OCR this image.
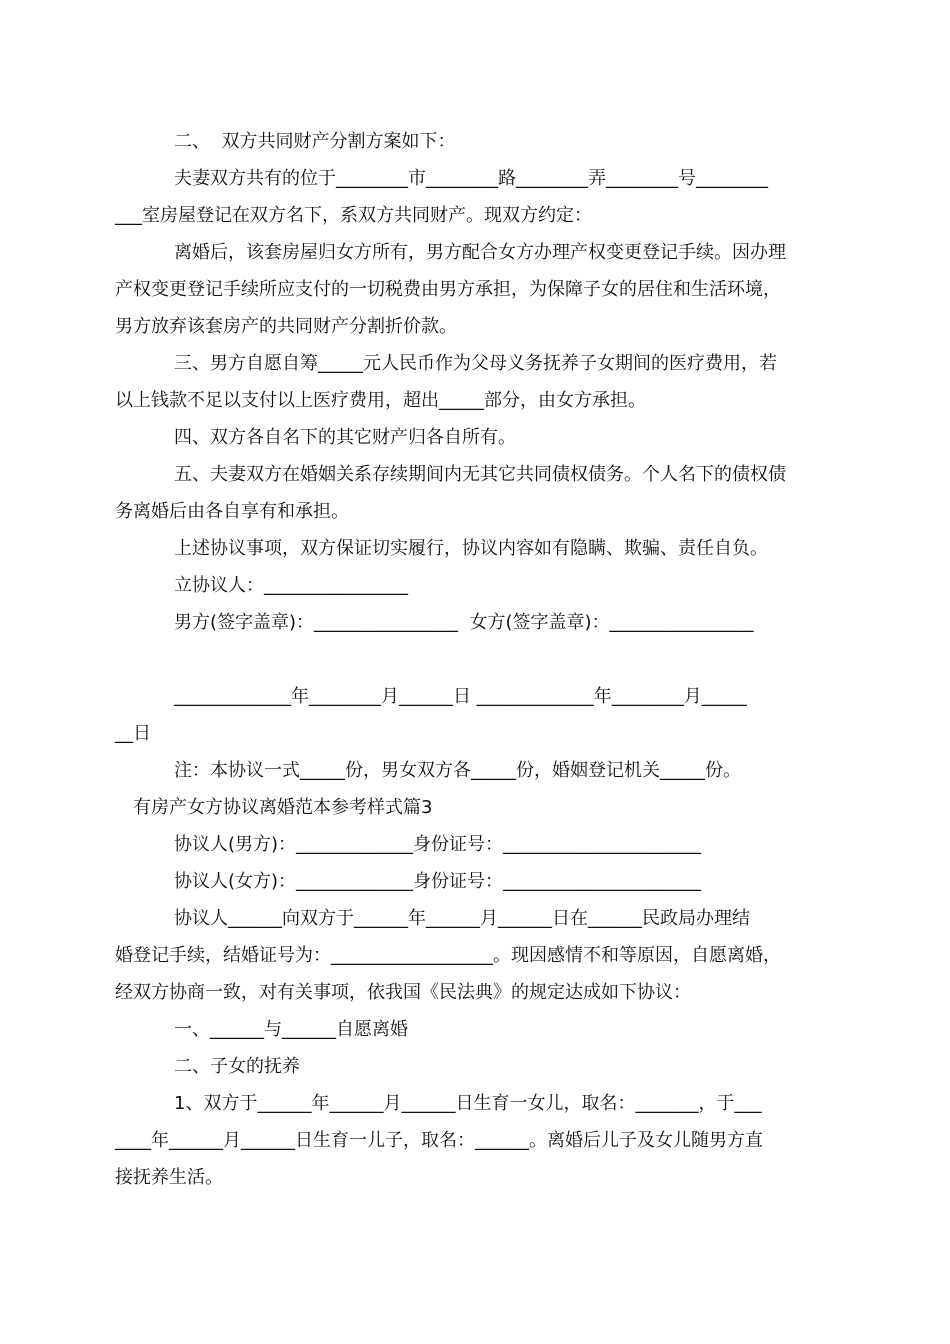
二、  双方共同财产分割方案如下：
夫妻双方共有的位于________市________路________弄________号________
___室房屋登记在双方名下，系双方共同财产。现双方约定：
离婚后，该套房屋归女方所有，男方配合女方办理产权变更登记手续。因办理
产权变更登记手续所应支付的一切税费由男方承担，为保障子女的居住和生活环境，
男方放弃该套房产的共同财产分割折价款。
三、男方自愿自筹_____元人民币作为父母义务抚养子女期间的医疗费用，若
以上钱款不足以支付以上医疗费用，超出_____部分，由女方承担。
四、双方各自名下的其它财产归各自所有。
五、夫妻双方在婚姻关系存续期间内无其它共同债权债务。个人名下的债权债
务离婚后由各自享有和承担。
上述协议事项，双方保证切实履行，协议内容如有隐瞒、欺骗、责任自负。
立协议人：________________
男方(签字盖章)：________________  女方(签字盖章)：________________
_____________年________月______日 _____________年________月_____
__日
注：本协议一式_____份，男女双方各_____份，婚姻登记机关_____份。
有房产女方协议离婚范本参考样式篇3
协议人(男方)：_____________身份证号：______________________
协议人(女方)：_____________身份证号：______________________
协议人______向双方于______年______月______日在______民政局办理结
婚登记手续，结婚证号为：__________________。现因感情不和等原因，自愿离婚，
经双方协商一致，对有关事项，依我国《民法典》的规定达成如下协议：
一、______与______自愿离婚
二、子女的抚养
1、双方于______年______月______日生育一女儿，取名：_______，于___
____年______月______日生育一儿子，取名：______。离婚后儿子及女儿随男方直
接抚养生活。
